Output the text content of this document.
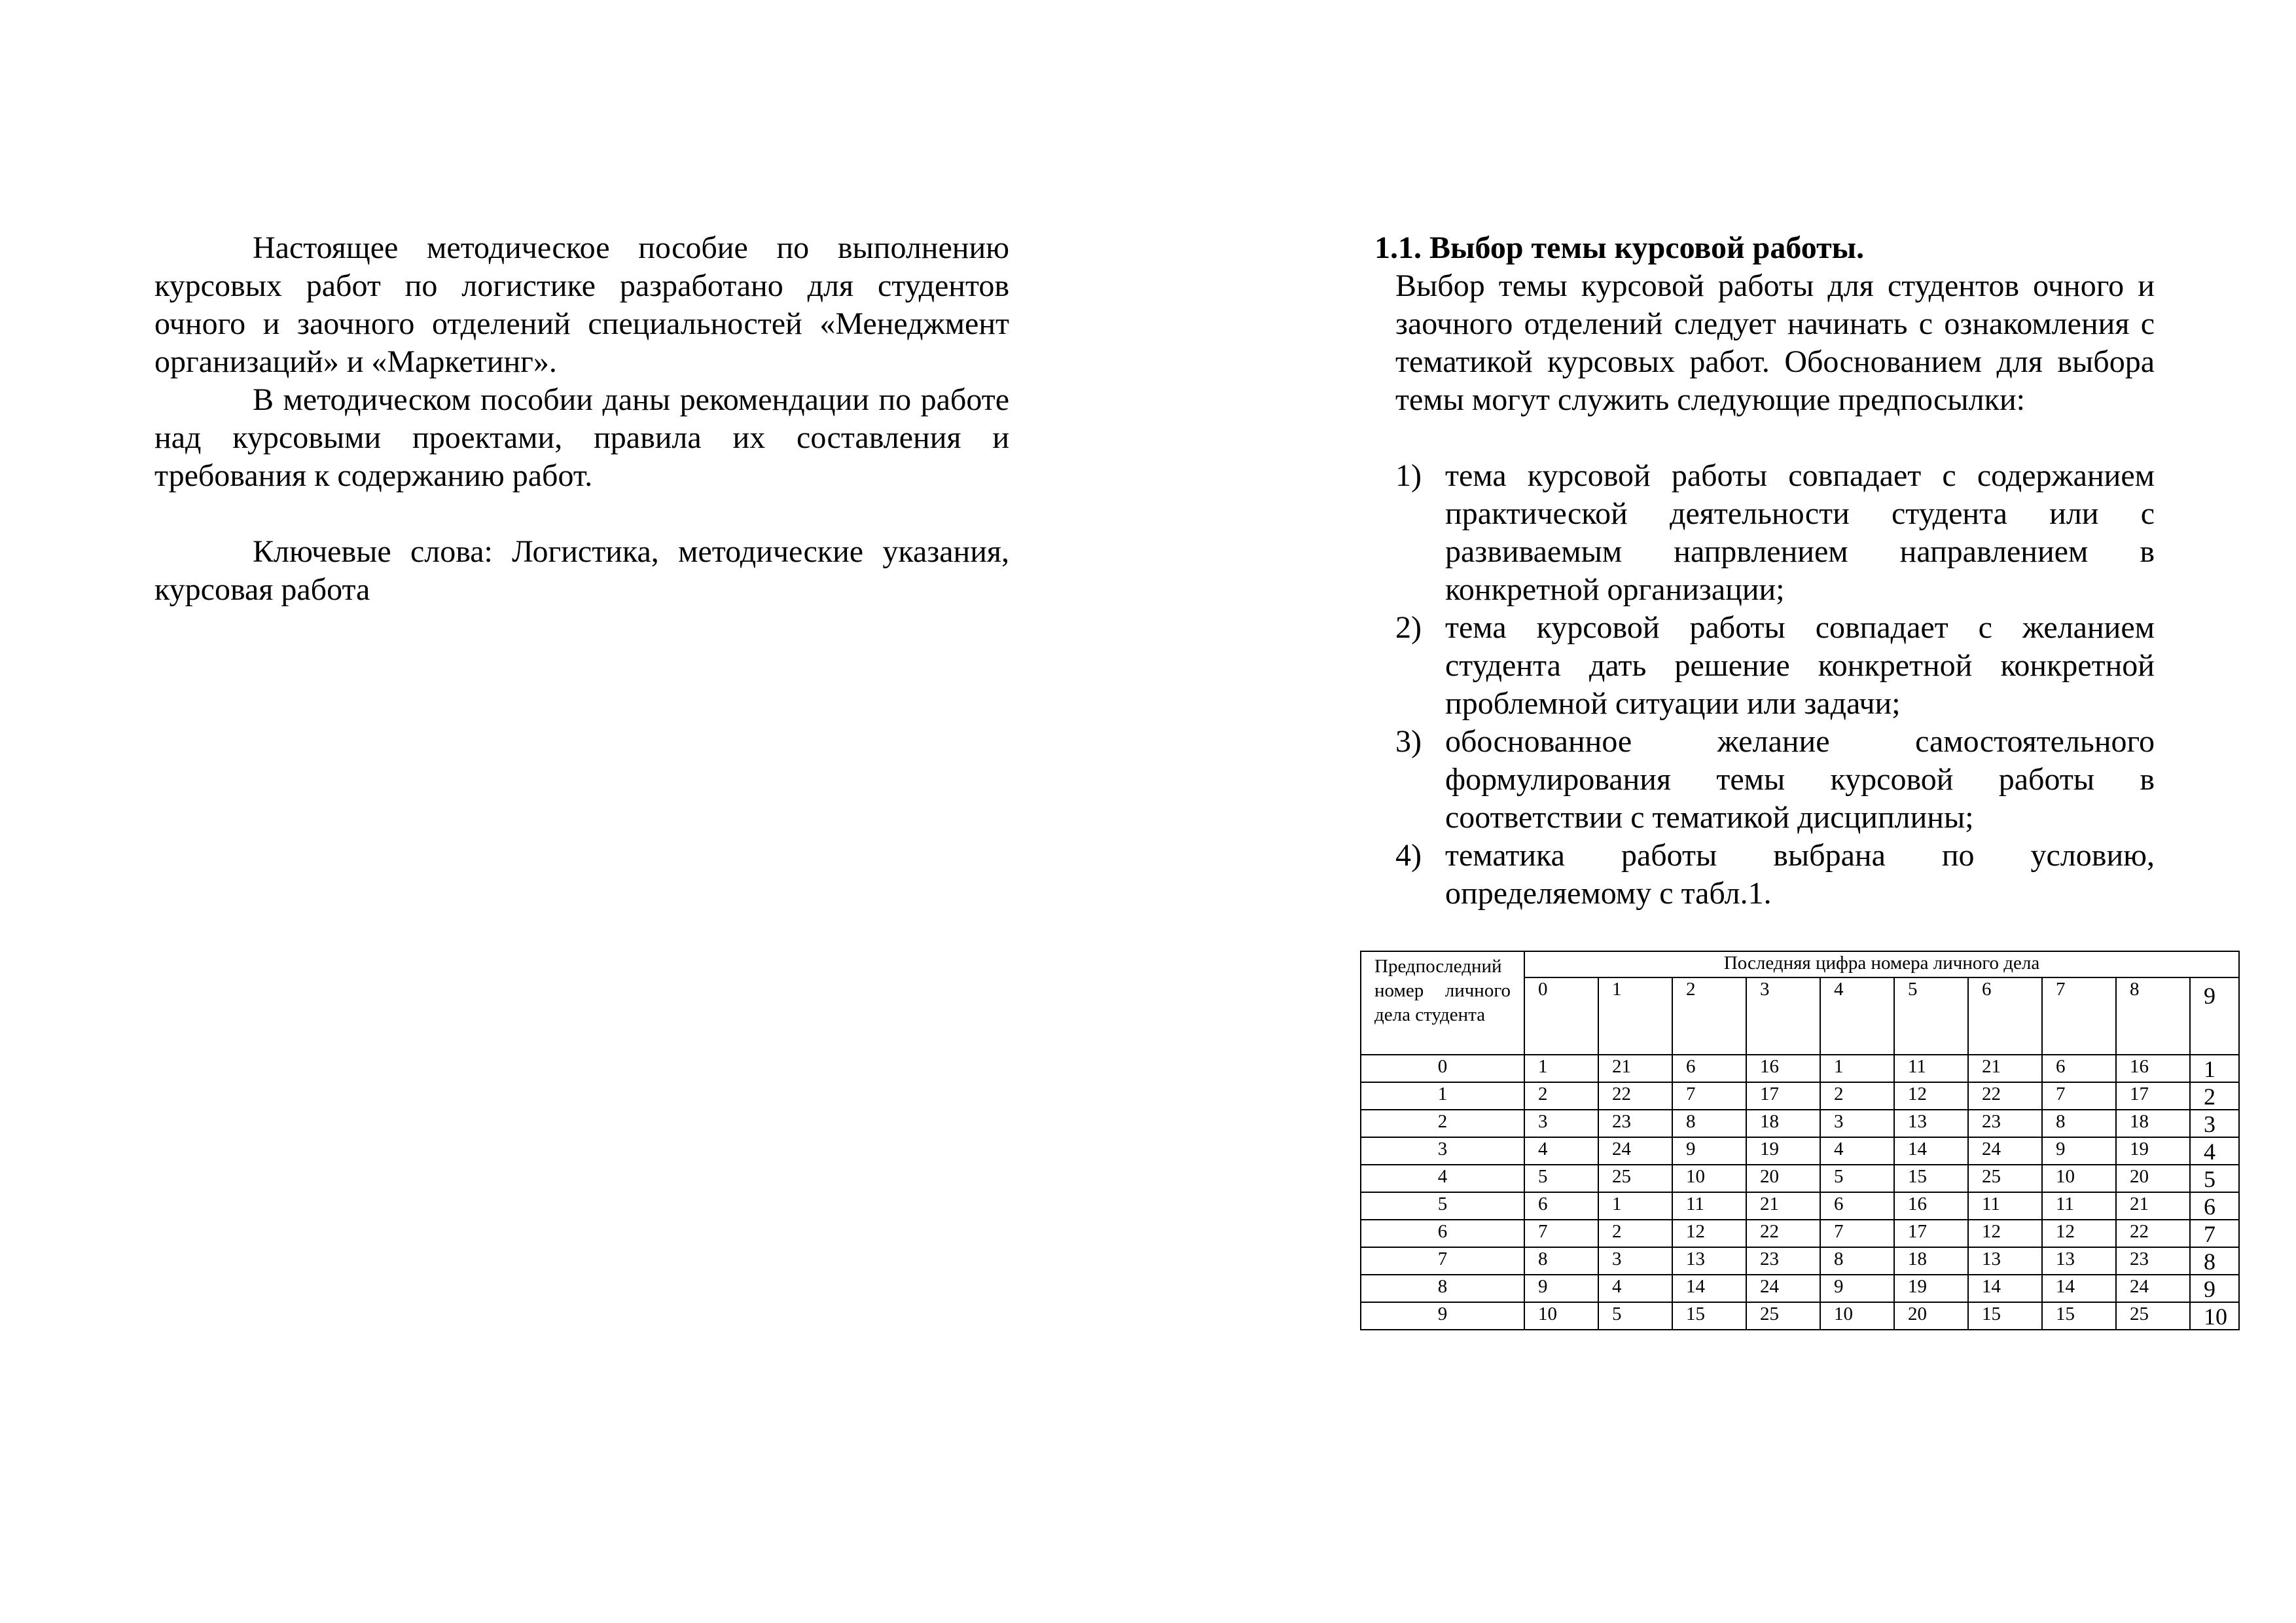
Настоящее методическое пособие по выполнению курсовых работ по логистике разработано для студентов очного и заочного отделений специальностей «Менеджмент организаций» и «Маркетинг».

В методическом пособии даны рекомендации по работе над курсовыми проектами, правила их составления и требования к содержанию работ.

Ключевые слова: Логистика, методические указания, курсовая работа

1.1. Выбор темы курсовой работы.

Выбор темы курсовой работы для студентов очного и заочного отделений следует начинать с ознакомления с тематикой курсовых работ. Обоснованием для выбора темы могут служить следующие предпосылки:

1) тема курсовой работы совпадает с содержанием практической деятельности студента или с развиваемым напрвлением направлением в конкретной организации;
2) тема курсовой работы совпадает с желанием студента дать решение конкретной конкретной проблемной ситуации или задачи;
3) обоснованное желание самостоятельного формулирования темы курсовой работы в соответствии с тематикой дисциплины;
4) тематика работы выбрана по условию, определяемому с табл.1.
Предпоследний номер личного дела студента	Последняя цифра номера личного дела									
	0	1	2	3	4	5	6	7	8	9
0	1	21	6	16	1	11	21	6	16	1
1	2	22	7	17	2	12	22	7	17	2
2	3	23	8	18	3	13	23	8	18	3
3	4	24	9	19	4	14	24	9	19	4
4	5	25	10	20	5	15	25	10	20	5
5	6	1	11	21	6	16	11	11	21	6
6	7	2	12	22	7	17	12	12	22	7
7	8	3	13	23	8	18	13	13	23	8
8	9	4	14	24	9	19	14	14	24	9
9	10	5	15	25	10	20	15	15	25	10
